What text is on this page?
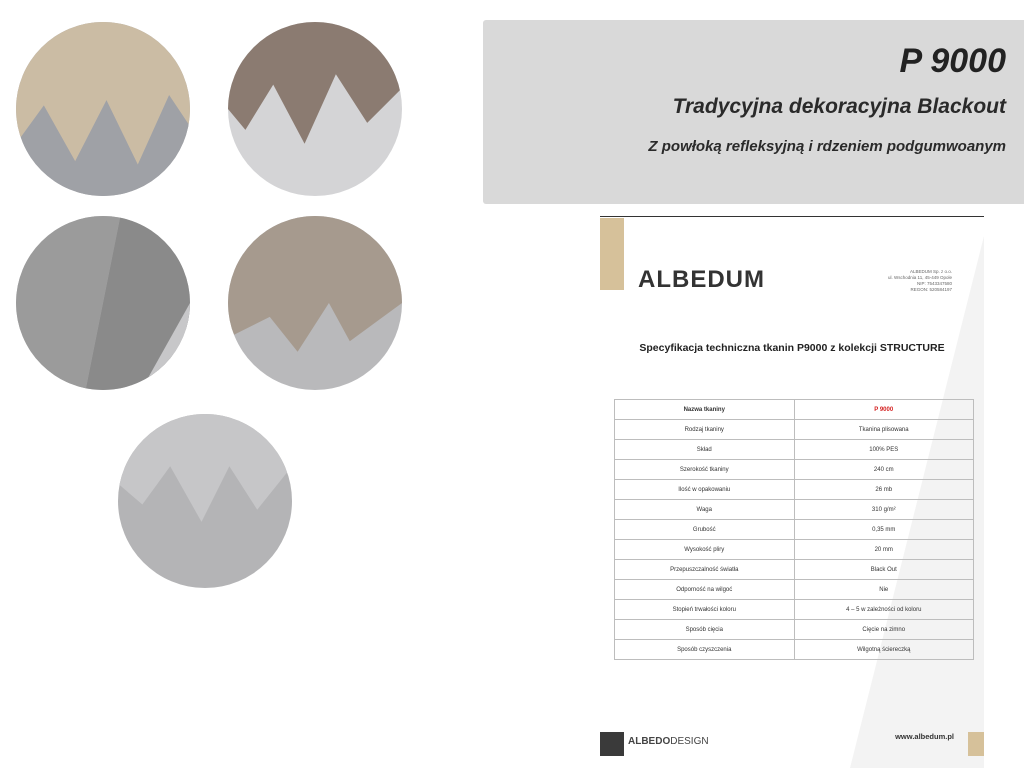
P 9000
Tradycyjna dekoracyjna Blackout
Z powłoką refleksyjną i rdzeniem podgumwoanym
ALBEDUM	ALBEDUM Sp. z o.o.
ul. Wschodnia 11, 45-449 Opole
NIP: 7543347580
REGON: 520584197
Specyfikacja techniczna tkanin P9000 z kolekcji STRUCTURE
Nazwa tkaniny	P 9000
Rodzaj tkaniny	Tkanina plisowana
Skład	100% PES
Szerokość tkaniny	240 cm
Ilość w opakowaniu	26 mb
Waga	310 g/m²
Grubość	0,35 mm
Wysokość pliry	20 mm
Przepuszczalność światła	Black Out
Odporność na wilgoć	Nie
Stopień trwałości koloru	4 – 5 w zależności od koloru
Sposób cięcia	Cięcie na zimno
Sposób czyszczenia	Wilgotną ściereczką
ALBEDODESIGN	www.albedum.pl
